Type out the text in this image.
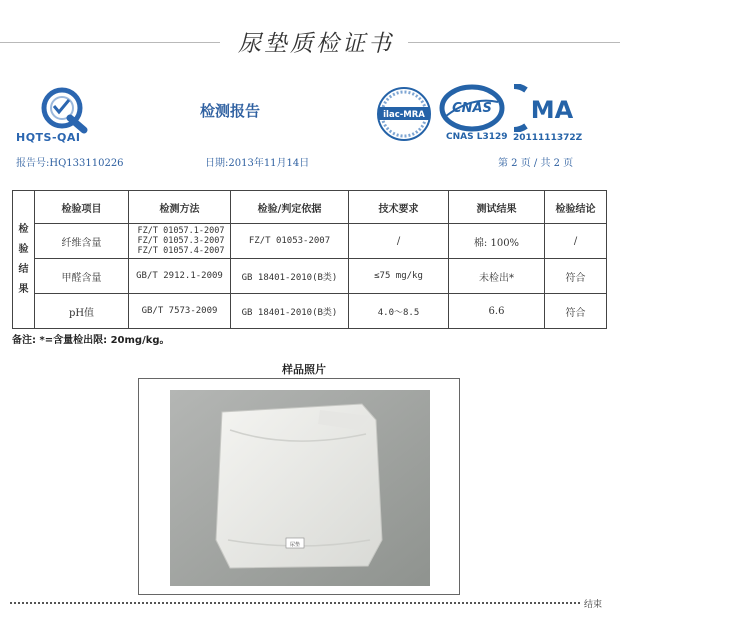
尿垫质检证书
HQTS-QAI
检测报告	ilac-MRA CNAS
CNAS L3129
MA
2011111372Z
报告号:HQ133110226	日期:2013年11月14日	第 2 页 / 共 2 页
检
验
结
果	检验项目	检测方法	检验/判定依据	技术要求	测试结果	检验结论
	纤维含量	FZ/T 01057.1-2007
FZ/T 01057.3-2007
FZ/T 01057.4-2007	FZ/T 01053-2007	/	棉: 100%	/
	甲醛含量	GB/T 2912.1-2009	GB 18401-2010(B类)	≤75 mg/kg	未检出*	符合
	pH值	GB/T 7573-2009	GB 18401-2010(B类)	4.0～8.5	6.6	符合
备注: *=含量检出限: 20mg/kg。
样品照片
尿垫
结束
